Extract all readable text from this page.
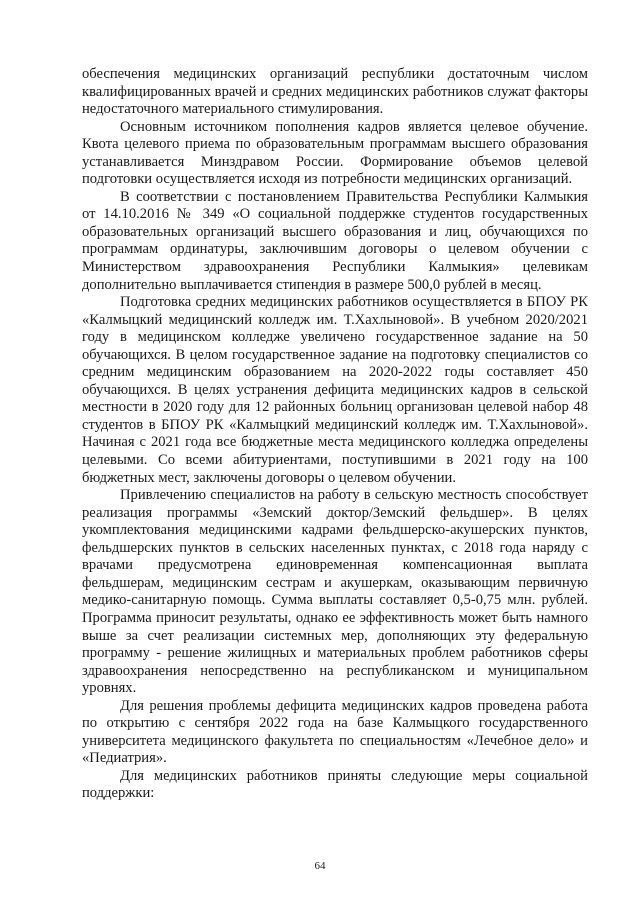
обеспечения медицинских организаций республики достаточным числом квалифицированных врачей и средних медицинских работников служат факторы недостаточного материального стимулирования.

Основным источником пополнения кадров является целевое обучение. Квота целевого приема по образовательным программам высшего образования устанавливается Минздравом России. Формирование объемов целевой подготовки осуществляется исходя из потребности медицинских организаций.

В соответствии с постановлением Правительства Республики Калмыкия от 14.10.2016 № 349 «О социальной поддержке студентов государственных образовательных организаций высшего образования и лиц, обучающихся по программам ординатуры, заключившим договоры о целевом обучении с Министерством здравоохранения Республики Калмыкия» целевикам дополнительно выплачивается стипендия в размере 500,0 рублей в месяц.

Подготовка средних медицинских работников осуществляется в БПОУ РК «Калмыцкий медицинский колледж им. Т.Хахлыновой». В учебном 2020/2021 году в медицинском колледже увеличено государственное задание на 50 обучающихся. В целом государственное задание на подготовку специалистов со средним медицинским образованием на 2020-2022 годы составляет 450 обучающихся. В целях устранения дефицита медицинских кадров в сельской местности в 2020 году для 12 районных больниц организован целевой набор 48 студентов в БПОУ РК «Калмыцкий медицинский колледж им. Т.Хахлыновой». Начиная с 2021 года все бюджетные места медицинского колледжа определены целевыми. Со всеми абитуриентами, поступившими в 2021 году на 100 бюджетных мест, заключены договоры о целевом обучении.

Привлечению специалистов на работу в сельскую местность способствует реализация программы «Земский доктор/Земский фельдшер». В целях укомплектования медицинскими кадрами фельдшерско-акушерских пунктов, фельдшерских пунктов в сельских населенных пунктах, с 2018 года наряду с врачами предусмотрена единовременная компенсационная выплата фельдшерам, медицинским сестрам и акушеркам, оказывающим первичную медико-санитарную помощь. Сумма выплаты составляет 0,5-0,75 млн. рублей. Программа приносит результаты, однако ее эффективность может быть намного выше за счет реализации системных мер, дополняющих эту федеральную программу - решение жилищных и материальных проблем работников сферы здравоохранения непосредственно на республиканском и муниципальном уровнях.

Для решения проблемы дефицита медицинских кадров проведена работа по открытию с сентября 2022 года на базе Калмыцкого государственного университета медицинского факультета по специальностям «Лечебное дело» и «Педиатрия».

Для медицинских работников приняты следующие меры социальной поддержки:

64
